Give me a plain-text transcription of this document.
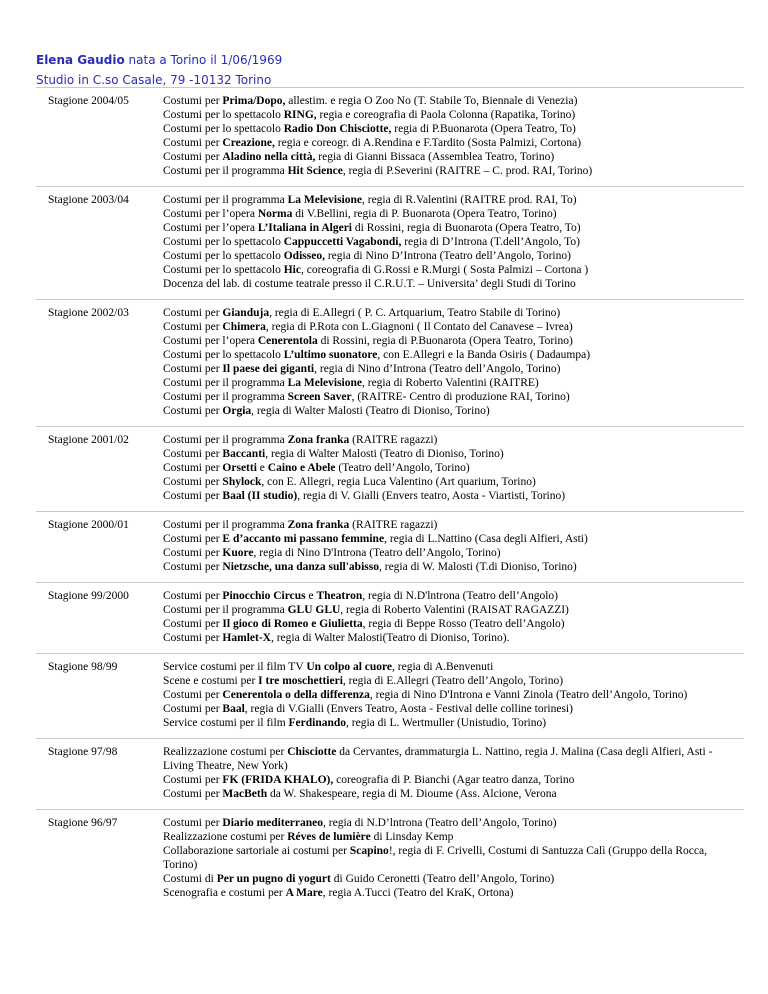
Elena Gaudio nata a Torino il 1/06/1969
Studio in C.so Casale, 79 -10132 Torino
Stagione 2004/05	Costumi per Prima/Dopo, allestim. e regia O Zoo No (T. Stabile To, Biennale di Venezia)
Costumi per lo spettacolo RING, regia e coreografia di Paola Colonna (Rapatika, Torino)
Costumi per lo spettacolo Radio Don Chisciotte, regia di P.Buonarota (Opera Teatro, To)
Costumi per Creazione, regia e coreogr. di A.Rendina e F.Tardito (Sosta Palmizi, Cortona)
Costumi per Aladino nella città, regia di Gianni Bissaca (Assemblea Teatro, Torino)
Costumi per il programma Hit Science, regia di P.Severini (RAITRE – C. prod. RAI, Torino)
Stagione 2003/04	Costumi per il programma La Melevisione, regia di R.Valentini (RAITRE prod. RAI, To)
Costumi per l’opera Norma di V.Bellini, regia di P. Buonarota (Opera Teatro, Torino)
Costumi per l’opera L’Italiana in Algeri di Rossini, regia di Buonarota (Opera Teatro, To)
Costumi per lo spettacolo Cappuccetti Vagabondi, regia di D’Introna (T.dell’Angolo, To)
Costumi per lo spettacolo Odisseo, regia di Nino D’Introna (Teatro dell’Angolo, Torino)
Costumi per lo spettacolo Hic, coreografia di G.Rossi e R.Murgi ( Sosta Palmizi – Cortona )
Docenza del lab. di costume teatrale presso il C.R.U.T. – Universita’ degli Studi di Torino
Stagione 2002/03	Costumi per Gianduja, regia di E.Allegri ( P. C. Artquarium, Teatro Stabile di Torino)
Costumi per Chimera, regia di P.Rota con L.Giagnoni ( Il Contato del Canavese – Ivrea)
Costumi per l’opera Cenerentola di Rossini, regia di P.Buonarota (Opera Teatro, Torino)
Costumi per lo spettacolo L’ultimo suonatore, con E.Allegri e la Banda Osiris ( Dadaumpa)
Costumi per Il paese dei giganti, regia di Nino d’Introna (Teatro dell’Angolo, Torino)
Costumi per il programma La Melevisione, regia di Roberto Valentini (RAITRE)
Costumi per il programma Screen Saver, (RAITRE- Centro di produzione RAI, Torino)
Costumi per Orgia, regia di Walter Malosti (Teatro di Dioniso, Torino)
Stagione 2001/02	Costumi per il programma Zona franka (RAITRE ragazzi)
Costumi per Baccanti, regia di Walter Malosti (Teatro di Dioniso, Torino)
Costumi per Orsetti e Caino e Abele (Teatro dell’Angolo, Torino)
Costumi per Shylock, con E. Allegri, regia Luca Valentino (Art quarium, Torino)
Costumi per Baal (II studio), regia di V. Gialli (Envers teatro, Aosta - Viartisti, Torino)
Stagione 2000/01	Costumi per il programma Zona franka (RAITRE ragazzi)
Costumi per E d’accanto mi passano femmine, regia di L.Nattino (Casa degli Alfieri, Asti)
Costumi per Kuore, regia di Nino D'Introna (Teatro dell’Angolo, Torino)
Costumi per Nietzsche, una danza sull'abisso, regia di W. Malosti (T.di Dioniso, Torino)
Stagione 99/2000	Costumi per Pinocchio Circus e Theatron, regia di N.D'lntrona (Teatro dell’Angolo)
Costumi per il programma GLU GLU, regia di Roberto Valentini (RAISAT RAGAZZI)
Costumi per Il gioco di Romeo e Giulietta, regia di Beppe Rosso (Teatro dell’Angolo)
Costumi per Hamlet-X, regia di Walter Malosti(Teatro di Dioniso, Torino).
Stagione 98/99	Service costumi per il film TV Un colpo al cuore, regia di A.Benvenuti
Scene e costumi per I tre moschettieri, regia di E.Allegri (Teatro dell’Angolo, Torino)
Costumi per Cenerentola o della differenza, regia di Nino D'Introna e Vanni Zinola (Teatro dell’Angolo, Torino)
Costumi per Baal, regia di V.Gialli (Envers Teatro, Aosta - Festival delle colline torinesi)
Service costumi per il film Ferdinando, regia di L. Wertmuller (Unistudio, Torino)
Stagione 97/98	Realizzazione costumi per Chisciotte da Cervantes, drammaturgia L. Nattino, regia J. Malina (Casa degli Alfieri, Asti - Living Theatre, New York)
Costumi per FK (FRIDA KHALO), coreografia di P. Bianchi (Agar teatro danza, Torino
Costumi per MacBeth da W. Shakespeare, regia di M. Dioume (Ass. Alcione, Verona
Stagione 96/97	Costumi per Diario mediterraneo, regia di N.D’lntrona (Teatro dell’Angolo, Torino)
Realizzazione costumi per Réves de lumière di Linsday Kemp
Collaborazione sartoriale ai costumi per Scapino!, regia di F. Crivelli, Costumi di Santuzza Calì (Gruppo della Rocca, Torino)
Costumi di Per un pugno di yogurt di Guido Ceronetti (Teatro dell’Angolo, Torino)
Scenografia e costumi per A Mare, regia A.Tucci (Teatro del KraK, Ortona)
